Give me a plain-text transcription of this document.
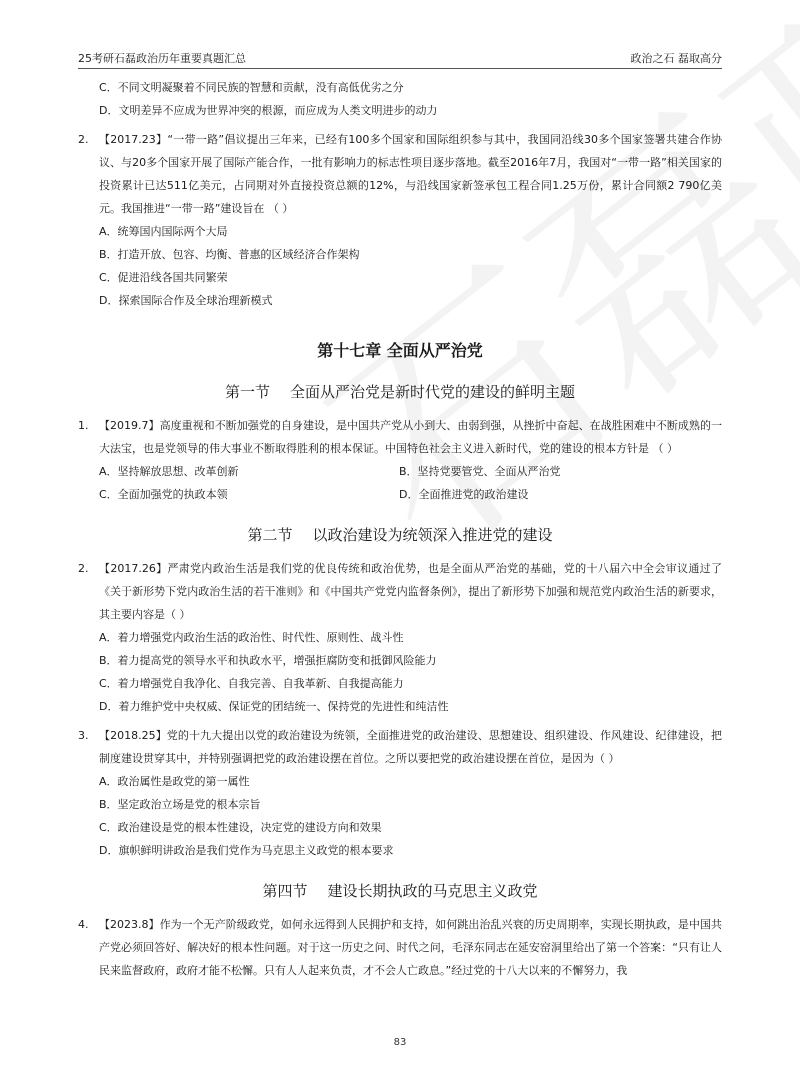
25考研石磊政治历年重要真题汇总	政治之石 磊取高分
C．不同文明凝聚着不同民族的智慧和贡献，没有高低优劣之分
D．文明差异不应成为世界冲突的根源，而应成为人类文明进步的动力
2. 【2017.23】“一带一路”倡议提出三年来，已经有100多个国家和国际组织参与其中，我国同沿线30多个国家签署共建合作协议、与20多个国家开展了国际产能合作，一批有影响力的标志性项目逐步落地。截至2016年7月，我国对“一带一路”相关国家的投资累计已达511亿美元，占同期对外直接投资总额的12%，与沿线国家新签承包工程合同1.25万份，累计合同额2 790亿美元。我国推进“一带一路”建设旨在 （ ）
A．统筹国内国际两个大局
B．打造开放、包容、均衡、普惠的区域经济合作架构
C．促进沿线各国共同繁荣
D．探索国际合作及全球治理新模式
第十七章 全面从严治党
第一节 全面从严治党是新时代党的建设的鲜明主题
1. 【2019.7】高度重视和不断加强党的自身建设，是中国共产党从小到大、由弱到强，从挫折中奋起、在战胜困难中不断成熟的一大法宝，也是党领导的伟大事业不断取得胜利的根本保证。中国特色社会主义进入新时代，党的建设的根本方针是 （ ）
A．坚持解放思想、改革创新	B．坚持党要管党、全面从严治党
C．全面加强党的执政本领	D．全面推进党的政治建设
第二节 以政治建设为统领深入推进党的建设
2. 【2017.26】严肃党内政治生活是我们党的优良传统和政治优势，也是全面从严治党的基础，党的十八届六中全会审议通过了《关于新形势下党内政治生活的若干准则》和《中国共产党党内监督条例》，提出了新形势下加强和规范党内政治生活的新要求，其主要内容是（ ）
A．着力增强党内政治生活的政治性、时代性、原则性、战斗性
B．着力提高党的领导水平和执政水平，增强拒腐防变和抵御风险能力
C．着力增强党自我净化、自我完善、自我革新、自我提高能力
D．着力维护党中央权威、保证党的团结统一、保持党的先进性和纯洁性
3. 【2018.25】党的十九大提出以党的政治建设为统领，全面推进党的政治建设、思想建设、组织建设、作风建设、纪律建设，把制度建设贯穿其中，并特别强调把党的政治建设摆在首位。之所以要把党的政治建设摆在首位，是因为（ ）
A．政治属性是政党的第一属性
B．坚定政治立场是党的根本宗旨
C．政治建设是党的根本性建设，决定党的建设方向和效果
D．旗帜鲜明讲政治是我们党作为马克思主义政党的根本要求
第四节 建设长期执政的马克思主义政党
4. 【2023.8】作为一个无产阶级政党，如何永远得到人民拥护和支持，如何跳出治乱兴衰的历史周期率，实现长期执政，是中国共产党必须回答好、解决好的根本性问题。对于这一历史之问、时代之问，毛泽东同志在延安窑洞里给出了第一个答案：“只有让人民来监督政府，政府才能不松懈。只有人人起来负责，才不会人亡政息。”经过党的十八大以来的不懈努力，我
83
